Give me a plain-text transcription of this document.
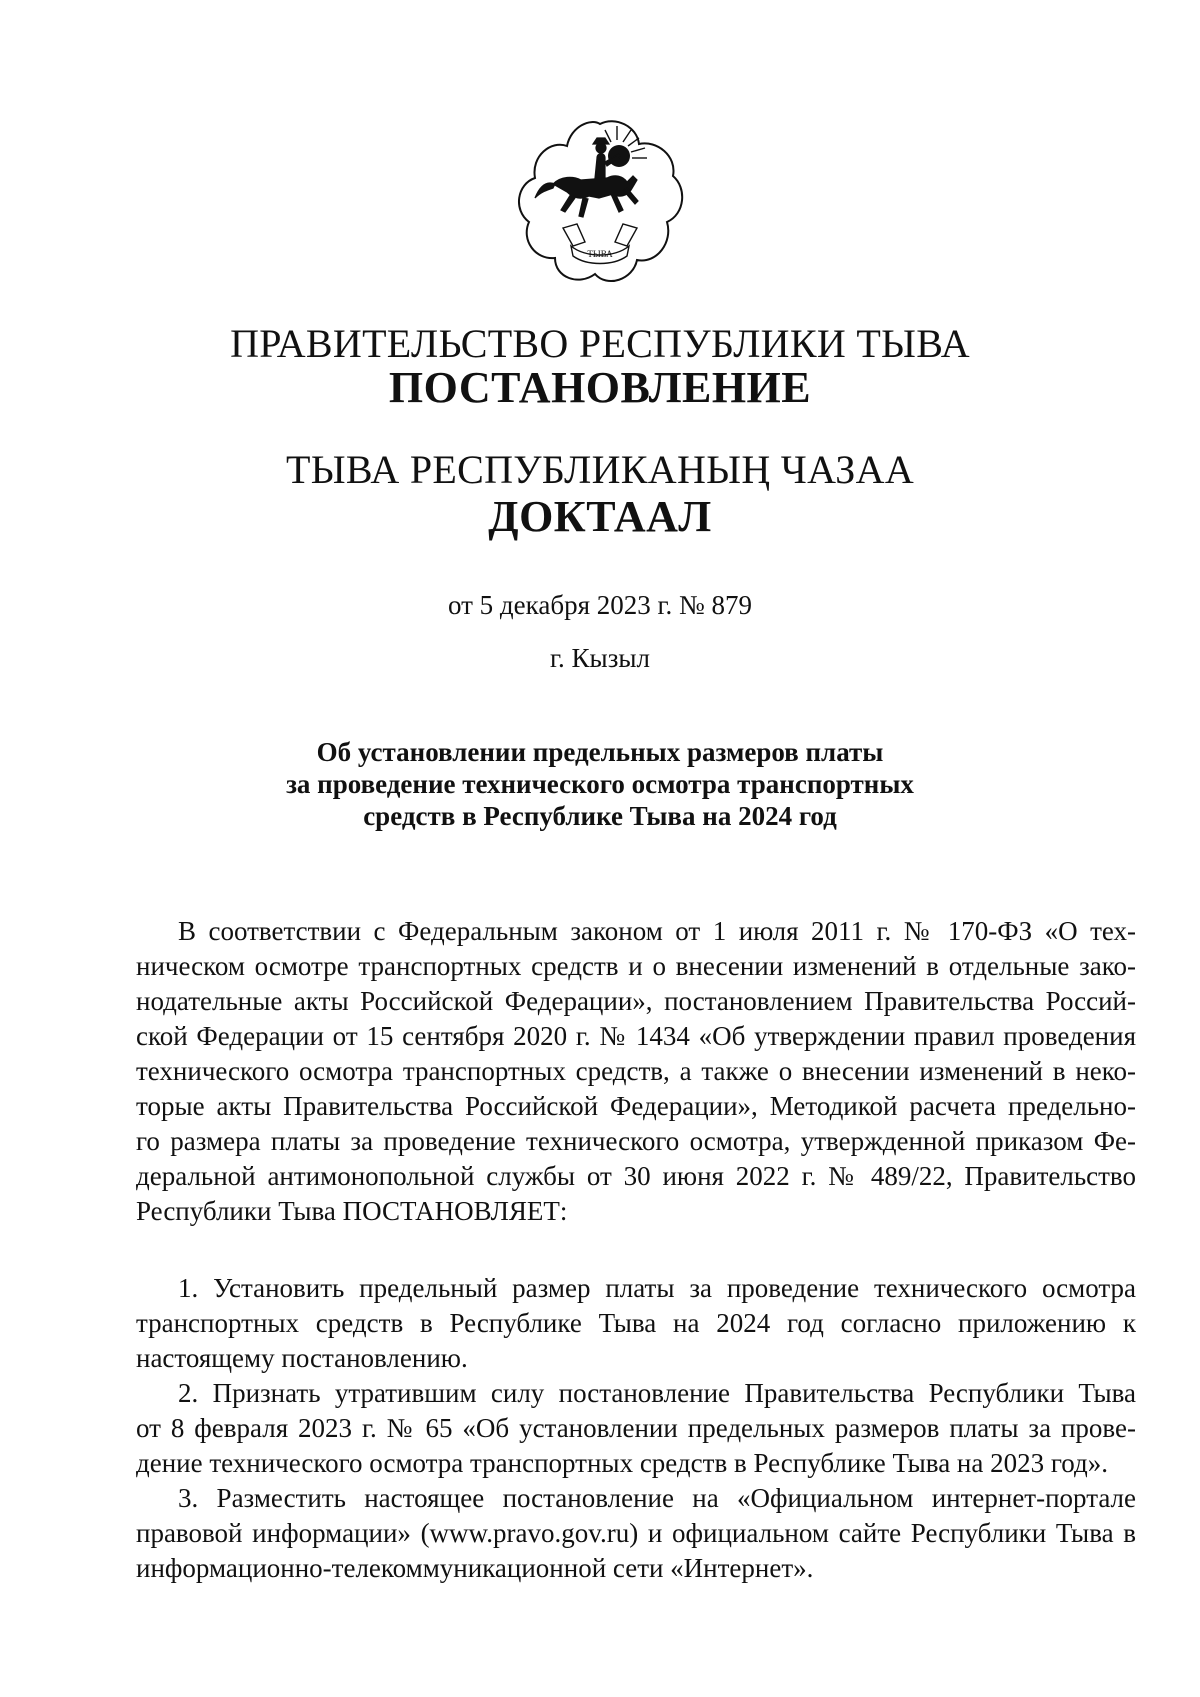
ТЫВА
ПРАВИТЕЛЬСТВО РЕСПУБЛИКИ ТЫВА
ПОСТАНОВЛЕНИЕ
ТЫВА РЕСПУБЛИКАНЫҢ ЧАЗАА
ДОКТААЛ
от 5 декабря 2023 г. № 879
г. Кызыл
Об установлении предельных размеров платы
за проведение технического осмотра транспортных
средств в Республике Тыва на 2024 год
В соответствии с Федеральным законом от 1 июля 2011 г. № 170-ФЗ «О тех-
ническом осмотре транспортных средств и о внесении изменений в отдельные зако-
нодательные акты Российской Федерации», постановлением Правительства Россий-
ской Федерации от 15 сентября 2020 г. № 1434 «Об утверждении правил проведения
технического осмотра транспортных средств, а также о внесении изменений в неко-
торые акты Правительства Российской Федерации», Методикой расчета предельно-
го размера платы за проведение технического осмотра, утвержденной приказом Фе-
деральной антимонопольной службы от 30 июня 2022 г. № 489/22, Правительство
Республики Тыва ПОСТАНОВЛЯЕТ:
1. Установить предельный размер платы за проведение технического осмотра
транспортных средств в Республике Тыва на 2024 год согласно приложению к
настоящему постановлению.
2. Признать утратившим силу постановление Правительства Республики Тыва
от 8 февраля 2023 г. № 65 «Об установлении предельных размеров платы за прове-
дение технического осмотра транспортных средств в Республике Тыва на 2023 год».
3. Разместить настоящее постановление на «Официальном интернет-портале
правовой информации» (www.pravo.gov.ru) и официальном сайте Республики Тыва в
информационно-телекоммуникационной сети «Интернет».
